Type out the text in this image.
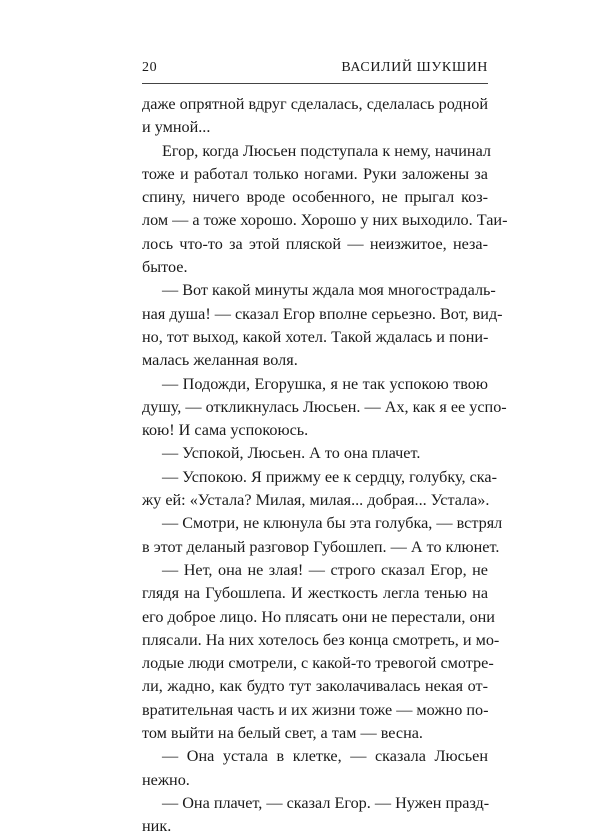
20	ВАСИЛИЙ ШУКШИН
даже опрятной вдруг сделалась, сделалась родной
и умной...
Егор, когда Люсьен подступала к нему, начинал
тоже и работал только ногами. Руки заложены за
спину, ничего вроде особенного, не прыгал коз-
лом — а тоже хорошо. Хорошо у них выходило. Таи-
лось что-то за этой пляской — неизжитое, неза-
бытое.
— Вот какой минуты ждала моя многострадаль-
ная душа! — сказал Егор вполне серьезно. Вот, вид-
но, тот выход, какой хотел. Такой ждалась и пони-
малась желанная воля.
— Подожди, Егорушка, я не так успокою твою
душу, — откликнулась Люсьен. — Ах, как я ее успо-
кою! И сама успокоюсь.
— Успокой, Люсьен. А то она плачет.
— Успокою. Я прижму ее к сердцу, голубку, ска-
жу ей: «Устала? Милая, милая... добрая... Устала».
— Смотри, не клюнула бы эта голубка, — встрял
в этот деланый разговор Губошлеп. — А то клюнет.
— Нет, она не злая! — строго сказал Егор, не
глядя на Губошлепа. И жесткость легла тенью на
его доброе лицо. Но плясать они не перестали, они
плясали. На них хотелось без конца смотреть, и мо-
лодые люди смотрели, с какой-то тревогой смотре-
ли, жадно, как будто тут заколачивалась некая от-
вратительная часть и их жизни тоже — можно по-
том выйти на белый свет, а там — весна.
— Она устала в клетке, — сказала Люсьен
нежно.
— Она плачет, — сказал Егор. — Нужен празд-
ник.
